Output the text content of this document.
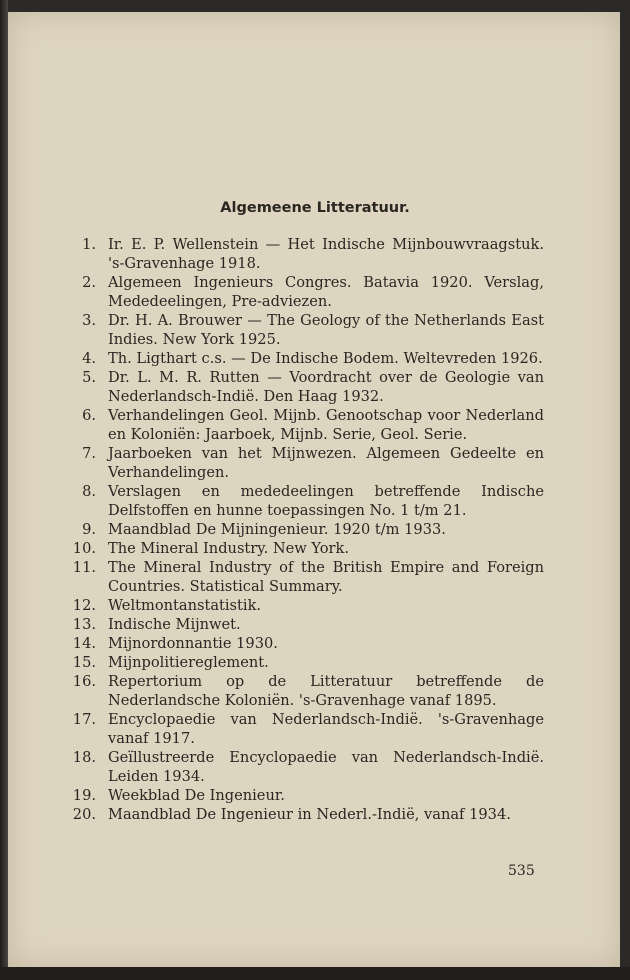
Algemeene Litteratuur.
1. Ir. E. P. Wellenstein — Het Indische Mijnbouwvraagstuk. 's-Gravenhage 1918.
2. Algemeen Ingenieurs Congres. Batavia 1920. Verslag, Mededeelingen, Pre-adviezen.
3. Dr. H. A. Brouwer — The Geology of the Netherlands East Indies. New York 1925.
4. Th. Ligthart c.s. — De Indische Bodem. Weltevreden 1926.
5. Dr. L. M. R. Rutten — Voordracht over de Geologie van Nederlandsch-Indië. Den Haag 1932.
6. Verhandelingen Geol. Mijnb. Genootschap voor Nederland en Koloniën: Jaarboek, Mijnb. Serie, Geol. Serie.
7. Jaarboeken van het Mijnwezen. Algemeen Gedeelte en Verhandelingen.
8. Verslagen en mededeelingen betreffende Indische Delfstoffen en hunne toepassingen No. 1 t/m 21.
9. Maandblad De Mijningenieur. 1920 t/m 1933.
10. The Mineral Industry. New York.
11. The Mineral Industry of the British Empire and Foreign Countries. Statistical Summary.
12. Weltmontanstatistik.
13. Indische Mijnwet.
14. Mijnordonnantie 1930.
15. Mijnpolitiereglement.
16. Repertorium op de Litteratuur betreffende de Nederlandsche Koloniën. 's-Gravenhage vanaf 1895.
17. Encyclopaedie van Nederlandsch-Indië. 's-Gravenhage vanaf 1917.
18. Geïllustreerde Encyclopaedie van Nederlandsch-Indië. Leiden 1934.
19. Weekblad De Ingenieur.
20. Maandblad De Ingenieur in Nederl.-Indië, vanaf 1934.
535
